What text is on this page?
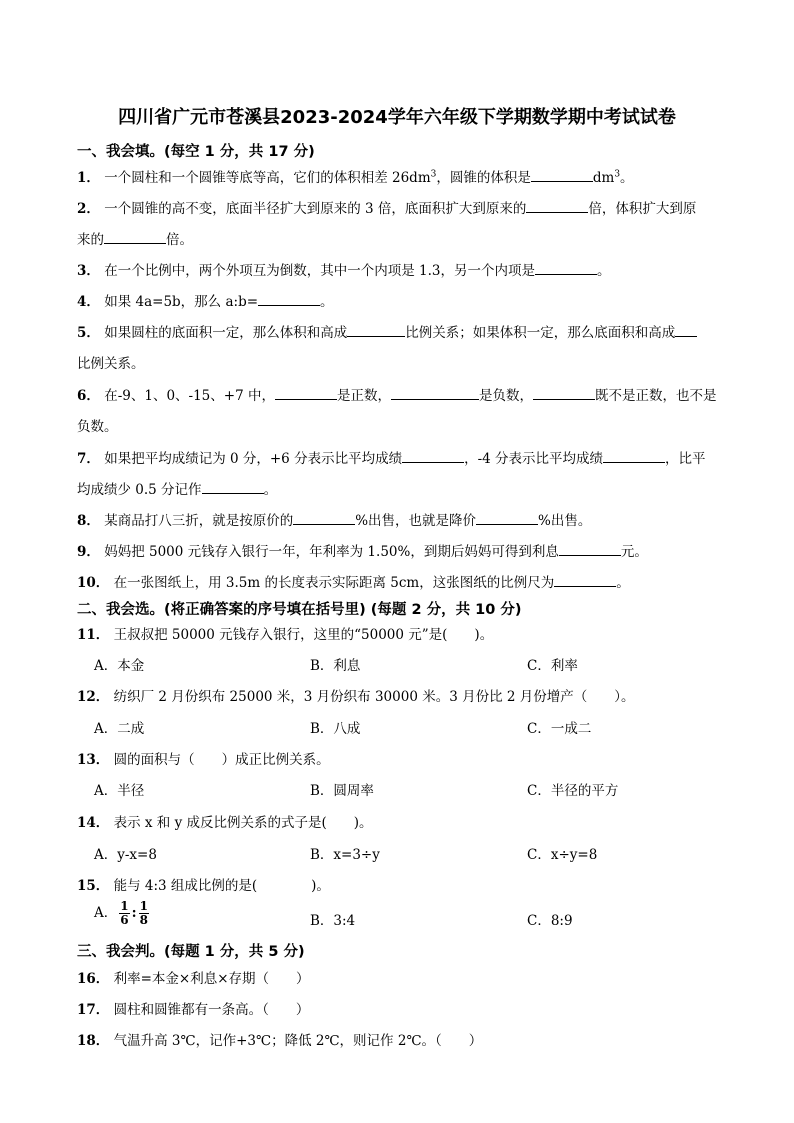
四川省广元市苍溪县2023-2024学年六年级下学期数学期中考试试卷
一、我会填。(每空 1 分，共 17 分)
1． 一个圆柱和一个圆锥等底等高，它们的体积相差 $26dm^3$，圆锥的体积是	$dm^3$。
2． 一个圆锥的高不变，底面半径扩大到原来的 3 倍，底面积扩大到原来的	倍，体积扩大到原
来的	倍。
3． 在一个比例中，两个外项互为倒数，其中一个内项是 1.3，另一个内项是	。
4． 如果 4a=5b，那么 a:b=	。
5． 如果圆柱的底面积一定，那么体积和高成	比例关系；如果体积一定，那么底面积和高成
比例关系。
6． 在-9、1、0、-15、+7 中，	是正数，	是负数，	既不是正数，也不是
负数。
7． 如果把平均成绩记为 0 分，+6 分表示比平均成绩	，-4 分表示比平均成绩	，比平
均成绩少 0.5 分记作	。
8． 某商品打八三折，就是按原价的	%出售，也就是降价	%出售。
9． 妈妈把 5000 元钱存入银行一年，年利率为 1.50%，到期后妈妈可得到利息	元。
10． 在一张图纸上，用 3.5m 的长度表示实际距离 5cm，这张图纸的比例尺为	。
二、我会选。(将正确答案的序号填在括号里) (每题 2 分，共 10 分)
11． 王叔叔把 50000 元钱存入银行，这里的“50000 元”是(　　)。
A．本金	B．利息	C．利率
12． 纺织厂 2 月份织布 25000 米，3 月份织布 30000 米。3 月份比 2 月份增产（　　）。
A．二成	B．八成	C．一成二
13． 圆的面积与（　　）成正比例关系。
A．半径	B．圆周率	C．半径的平方
14． 表示 x 和 y 成反比例关系的式子是(　　)。
A．y-x=8	B．x=3÷y	C．x÷y=8
15． 能与 4:3 组成比例的是(　　　　)。
A． $\frac{1}{6}$ : $\frac{1}{8}$	B．3:4	C．8:9
三、我会判。(每题 1 分，共 5 分)
16． 利率=本金×利息×存期（　　）
17． 圆柱和圆锥都有一条高。（　　）
18． 气温升高 3℃，记作+3℃；降低 2℃，则记作 2℃。（　　）
